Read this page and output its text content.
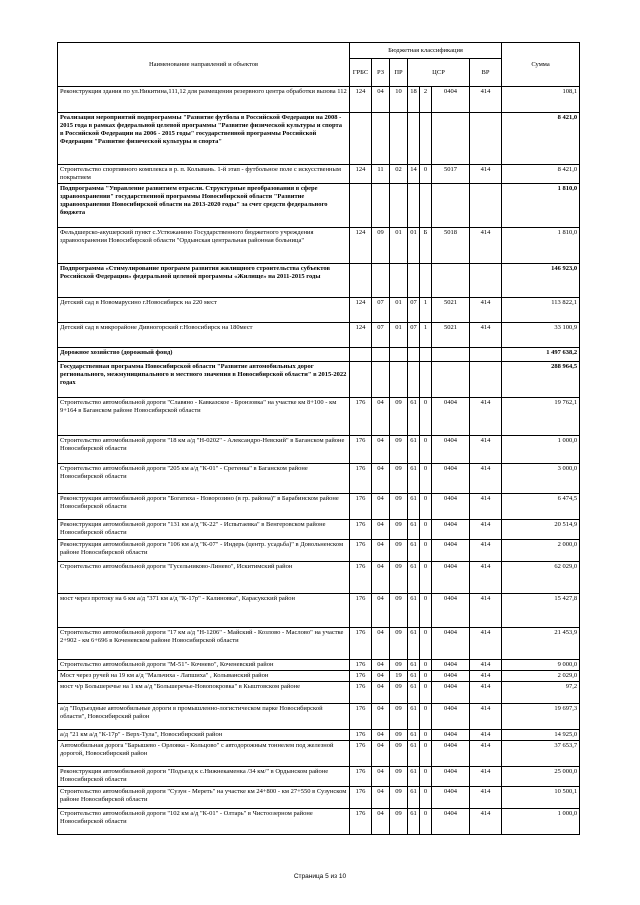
Наименование направлений и объектов	Бюджетная классификация							Сумма
	ГРБС	РЗ	ПР	ЦСР			ВР	
Реконструкция здания по ул.Никитина,111,12 для размещения резервного центра обработки вызова 112	124	04	10	18	2	0404	414	108,1
Реализация мероприятий подпрограммы "Развитие футбола в Российской Федерации на 2008 - 2015 года в рамках федеральной целевой программы "Развитие физической культуры и спорта в Российской Федерации на 2006 - 2015 годы" государственной программы Российской Федерации "Развитие физической культуры и спорта"								8 421,0
Строительство спортивного комплекса в р. п. Колывань. 1-й этап - футбольное поле с искусственным покрытием	124	11	02	14	0	5017	414	8 421,0
Подпрограмма "Управление развитием отрасли. Структурные преобразования в сфере здравоохранения" государственной программы Новосибирской области "Развитие здравоохранения Новосибирской области на 2013-2020 годы" за счет средств федерального бюджета								1 810,0
Фельдшерско-акушерский пункт с.Устюжанино Государственного бюджетного учреждения здравоохранения Новосибирской области "Ордынская центральная районная больница"	124	09	01	01	Б	5018	414	1 810,0
Подпрограмма «Стимулирование программ развития жилищного строительства субъектов Российской Федерации» федеральной целевой программы «Жилище» на 2011-2015 годы								146 923,0
Детский сад в Новомарусино г.Новосибирск на 220 мест	124	07	01	07	1	5021	414	113 822,1
Детский сад в микрорайоне Дивногорский г.Новосибирск на 180мест	124	07	01	07	1	5021	414	33 100,9
Дорожное хозяйство (дорожный фонд)								1 497 638,2
Государственная программа Новосибирской области "Развитие автомобильных дорог регионального, межмуниципального и местного значения в Новосибирской области" в 2015-2022 годах								288 964,5
Строительство автомобильной дороги "Славяно - Кавказское - Бронзовка" на участке км 8+100 - км 9+164 в Баганском районе Новосибирской области	176	04	09	61	0	0404	414	19 762,1
Строительство автомобильной дороги "18 км а/д "Н-0202" - Александро-Невский" в Баганском районе Новосибирской области	176	04	09	61	0	0404	414	1 000,0
Строительство автомобильной дороги "205 км а/д "К-01" - Сретенка" в Баганском районе Новосибирской области	176	04	09	61	0	0404	414	3 000,0
Реконструкция автомобильной дороги "Богатиха - Новорозино (в гр. района)" в Барабинском районе Новосибирской области	176	04	09	61	0	0404	414	6 474,5
Реконструкция автомобильной дороги "131 км а/д "К-22" - Испытаевка" в Венгеровском районе Новосибирской области	176	04	09	61	0	0404	414	20 514,9
Реконструкция автомобильной дороги "106 км а/д "К-07" - Индерь (центр. усадьба)" в Довольненском районе Новосибирской области	176	04	09	61	0	0404	414	2 000,0
Строительство автомобильной дороги "Гусельниково-Линево", Искитимский район	176	04	09	61	0	0404	414	62 029,0
мост через протоку на 6 км а/д "371 км а/д "К-17р" - Калиновка", Карасукский район	176	04	09	61	0	0404	414	15 427,8
Строительство автомобильной дороги "17 км а/д "Н-1206" - Майский - Козлово - Маслово" на участке 2+902 - км 6+696 в Коченевском районе Новосибирской области	176	04	09	61	0	0404	414	21 453,9
Строительство автомобильной дороги "М-51"- Кочнево", Коченевский район	176	04	09	61	0	0404	414	9 000,0
Мост через ручей на 19 км а/д "Мальчиха - Лапшиха" , Колыванский район	176	04	19	61	0	0404	414	2 029,0
мост ч/р Большеречье на 1 км а/д "Большеречье-Новопокровка" в Кыштовском районе	176	04	09	61	0	0404	414	97,2
а/д "Подъездные автомобильные дороги в промышленно-логистическом парке Новосибирской области", Новосибирский район	176	04	09	61	0	0404	414	19 697,3
а/д "21 км а/д "К-17р" - Верх-Тула", Новосибирский район	176	04	09	61	0	0404	414	14 925,0
Автомобильная дорога "Барышево - Орловка - Кольцово" с автодорожным тоннелем под железной дорогой, Новосибирский район	176	04	09	61	0	0404	414	37 653,7
Реконструкция автомобильной дороги "Подъезд к с.Нижнекаменка /34 км/" в Ордынском районе Новосибирской области	176	04	09	61	0	0404	414	25 000,0
Строительство автомобильной дороги "Сузун - Мереть" на участке км 24+800 - км 27+550 в Сузунском районе Новосибирской области	176	04	09	61	0	0404	414	10 500,1
Строительство автомобильной дороги "102 км а/д "К-01" - Олтарь" в Чистоозерном районе Новосибирской области	176	04	09	61	0	0404	414	1 000,0
Страница 5 из 10
